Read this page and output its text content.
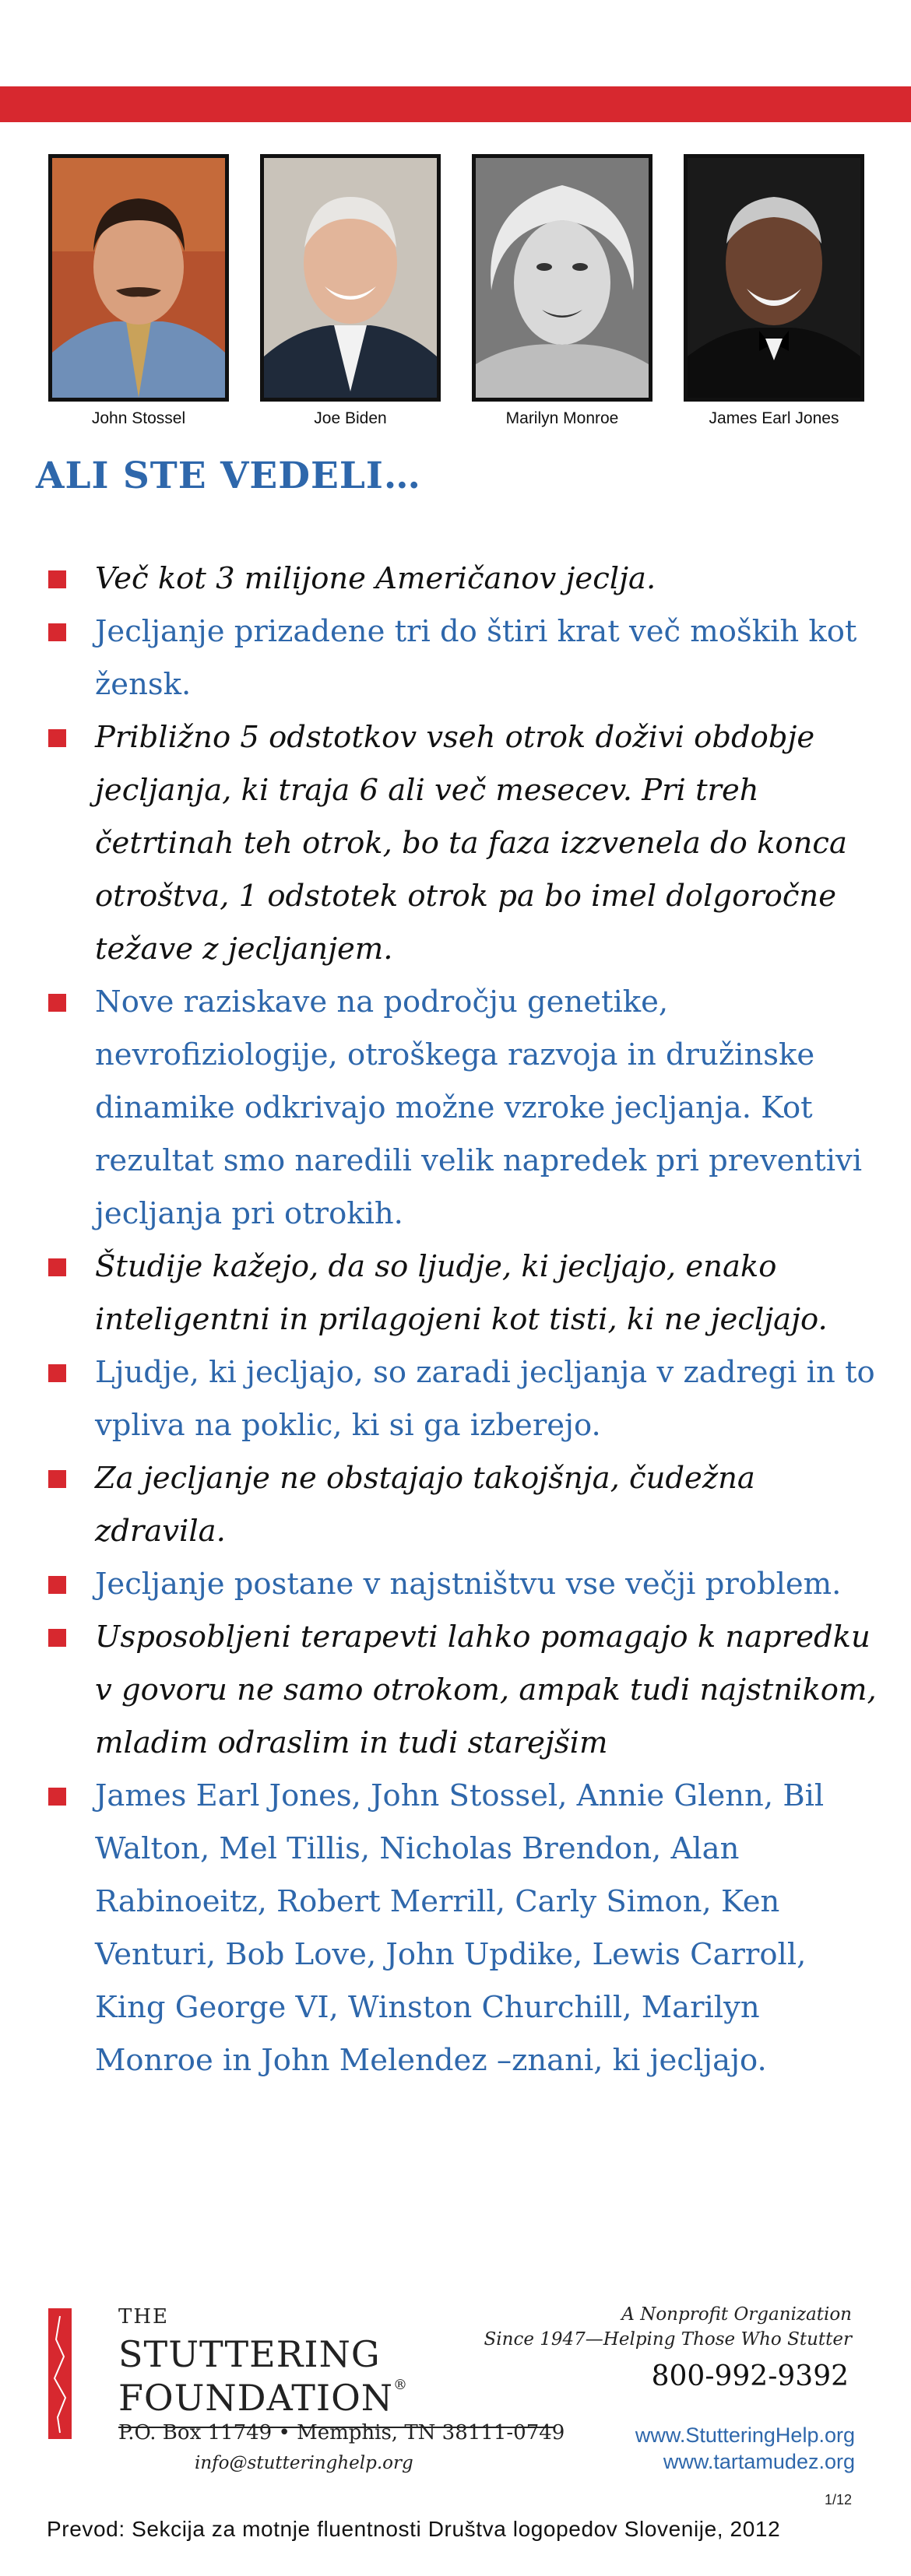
John Stossel	Joe Biden	Marilyn Monroe	James Earl Jones
ALI STE VEDELI…
Več kot 3 milijone Američanov jeclja.
Jecljanje prizadene tri do štiri krat več moških kot žensk.
Približno 5 odstotkov vseh otrok doživi obdobje jecljanja, ki traja 6 ali več mesecev. Pri treh četrtinah teh otrok, bo ta faza izzvenela do konca otroštva, 1 odstotek otrok pa bo imel dolgoročne težave z jecljanjem.
Nove raziskave na področju genetike, nevrofiziologije, otroškega razvoja in družinske dinamike odkrivajo možne vzroke jecljanja. Kot rezultat smo naredili velik napredek pri preventivi jecljanja pri otrokih.
Študije kažejo, da so ljudje, ki jecljajo, enako inteligentni in prilagojeni kot tisti, ki ne jecljajo.
Ljudje, ki jecljajo, so zaradi jecljanja v zadregi in to vpliva na poklic, ki si ga izberejo.
Za jecljanje ne obstajajo takojšnja, čudežna zdravila.
Jecljanje postane v najstništvu vse večji problem.
Usposobljeni terapevti lahko pomagajo k napredku v govoru ne samo otrokom, ampak tudi najstnikom, mladim odraslim in tudi starejšim
James Earl Jones, John Stossel, Annie Glenn, Bil Walton, Mel Tillis, Nicholas Brendon, Alan Rabinoeitz, Robert Merrill, Carly Simon, Ken Venturi, Bob Love, John Updike, Lewis Carroll, King George VI, Winston Churchill, Marilyn Monroe in John Melendez –znani, ki jecljajo.
THE
STUTTERING
FOUNDATION®
P.O. Box 11749 • Memphis, TN 38111-0749
info@stutteringhelp.org
A Nonprofit Organization
Since 1947—Helping Those Who Stutter
800-992-9392
www.StutteringHelp.org
www.tartamudez.org
1/12
Prevod: Sekcija za motnje fluentnosti Društva logopedov Slovenije, 2012
